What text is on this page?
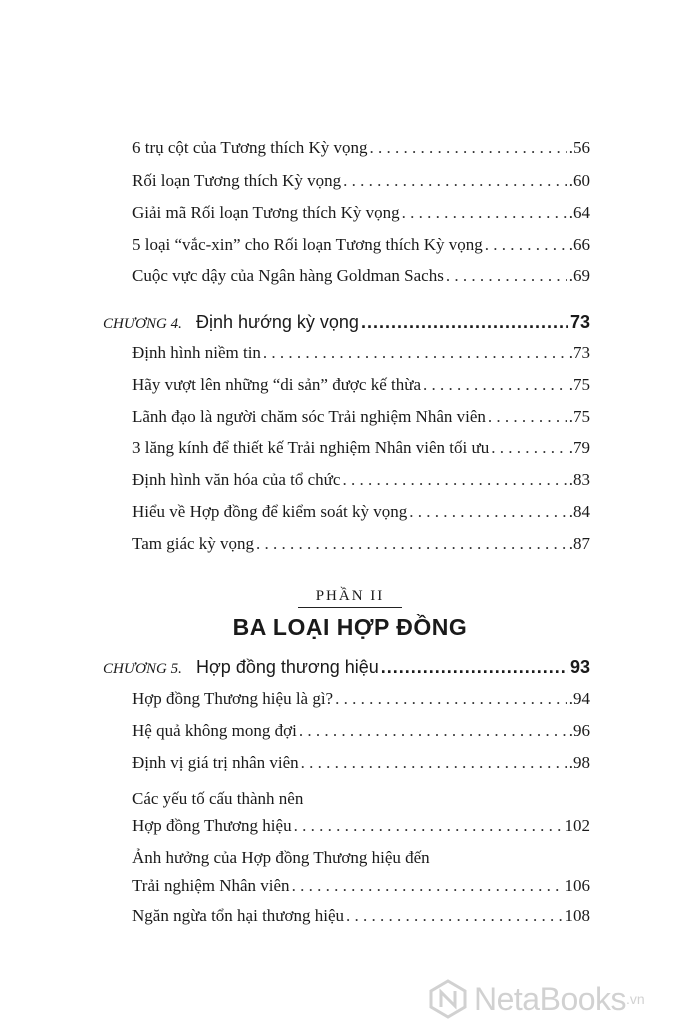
6 trụ cột của Tương thích Kỳ vọng . . .	.56
Rối loạn Tương thích Kỳ vọng . . .	.60
Giải mã Rối loạn Tương thích Kỳ vọng . . .	.64
5 loại “vắc-xin” cho Rối loạn Tương thích Kỳ vọng . . .	.66
Cuộc vực dậy của Ngân hàng Goldman Sachs . . .	.69
CHƯƠNG 4. Định hướng kỳ vọng .....	73
Định hình niềm tin . . .	.73
Hãy vượt lên những “di sản” được kế thừa . . .	.75
Lãnh đạo là người chăm sóc Trải nghiệm Nhân viên . . .	.75
3 lăng kính để thiết kế Trải nghiệm Nhân viên tối ưu . . .	.79
Định hình văn hóa của tổ chức . . .	.83
Hiểu về Hợp đồng để kiểm soát kỳ vọng . . .	.84
Tam giác kỳ vọng . . .	.87
PHẦN II
BA LOẠI HỢP ĐỒNG
CHƯƠNG 5. Hợp đồng thương hiệu .....	93
Hợp đồng Thương hiệu là gì? . . .	.94
Hệ quả không mong đợi . . .	.96
Định vị giá trị nhân viên . . .	.98
Các yếu tố cấu thành nên
Hợp đồng Thương hiệu . . .	102
Ảnh hưởng của Hợp đồng Thương hiệu đến
Trải nghiệm Nhân viên . . .	106
Ngăn ngừa tổn hại thương hiệu . . .	108
NetaBooks .vn
